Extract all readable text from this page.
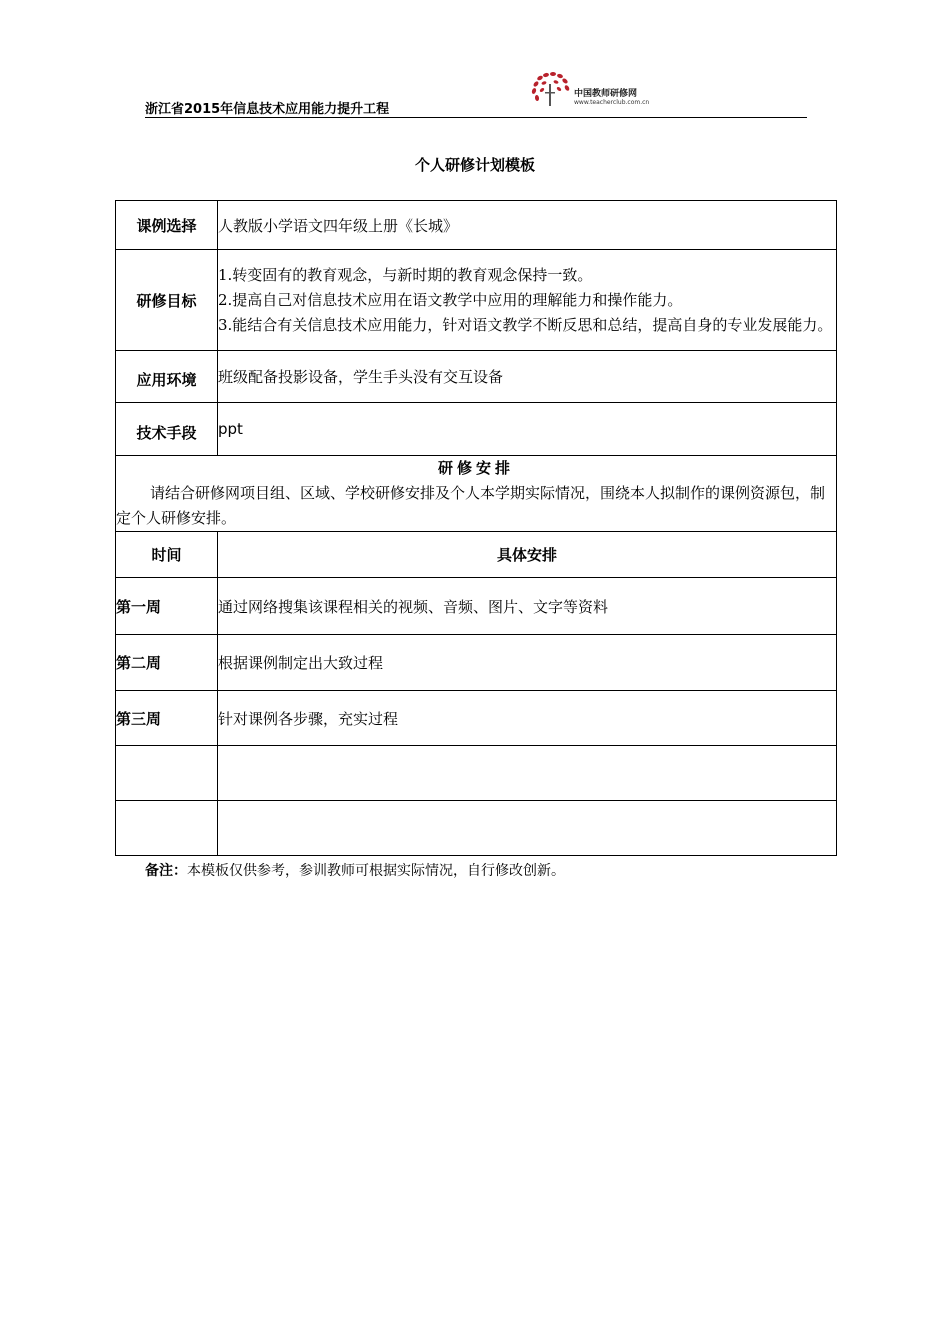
浙江省2015年信息技术应用能力提升工程
中国教师研修网
www.teacherclub.com.cn
个人研修计划模板
课例选择	人教版小学语文四年级上册《长城》
研修目标	1.转变固有的教育观念，与新时期的教育观念保持一致。
2.提高自己对信息技术应用在语文教学中应用的理解能力和操作能力。
3.能结合有关信息技术应用能力，针对语文教学不断反思和总结，提高自身的专业发展能力。

应用环境	班级配备投影设备，学生手头没有交互设备
技术手段	ppt

研修安排
请结合研修网项目组、区域、学校研修安排及个人本学期实际情况，围绕本人拟制作的课例资源包，制定个人研修安排。	

时间	具体安排
第一周	通过网络搜集该课程相关的视频、音频、图片、文字等资料
第二周	根据课例制定出大致过程
第三周	针对课例各步骤，充实过程

备注：本模板仅供参考，参训教师可根据实际情况，自行修改创新。
